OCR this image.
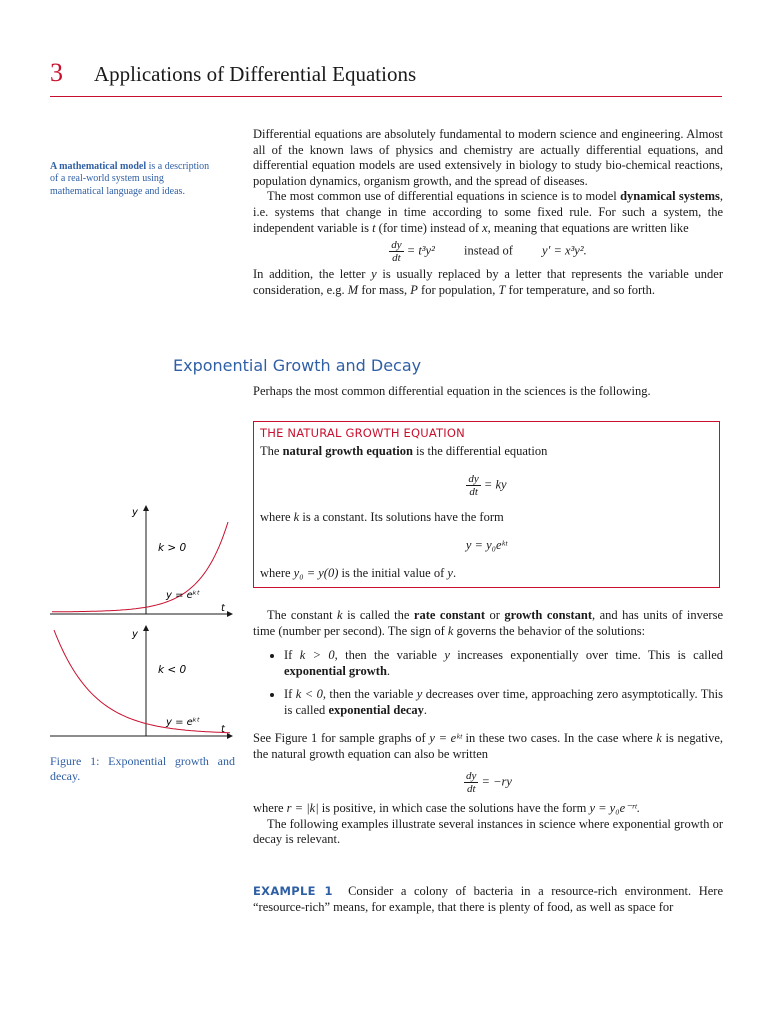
3 Applications of Differential Equations
A mathematical model is a description of a real-world system using mathematical language and ideas.

Differential equations are absolutely fundamental to modern science and engineering. Almost all of the known laws of physics and chemistry are actually differential equations, and differential equation models are used extensively in biology to study bio-chemical reactions, population dynamics, organism growth, and the spread of diseases.

The most common use of differential equations in science is to model dynamical systems, i.e. systems that change in time according to some fixed rule. For such a system, the independent variable is t (for time) instead of x, meaning that equations are written like

$\frac{dy}{dt} = t^3y^2$ instead of y′ = x³y².

In addition, the letter y is usually replaced by a letter that represents the variable under consideration, e.g. M for mass, P for population, T for temperature, and so forth.

Exponential Growth and Decay
Perhaps the most common differential equation in the sciences is the following.
THE NATURAL GROWTH EQUATION
The natural growth equation is the differential equation
$\frac{dy}{dt}$ = ky
where k is a constant. Its solutions have the form
y = y₀eᵏᵗ
where y₀ = y(0) is the initial value of y.
y
k > 0
y = eᵏᵗ
t
y
k < 0
y = eᵏᵗ
t
Figure 1: Exponential growth and decay.

The constant k is called the rate constant or growth constant, and has units of inverse time (number per second). The sign of k governs the behavior of the solutions:

• If k > 0, then the variable y increases exponentially over time. This is called exponential growth.
• If k < 0, then the variable y decreases over time, approaching zero asymptotically. This is called exponential decay.

See Figure 1 for sample graphs of y = eᵏᵗ in these two cases. In the case where k is negative, the natural growth equation can also be written

$\frac{dy}{dt} = -ry$

where r = |k| is positive, in which case the solutions have the form y = y₀e⁻ʳᵗ.

The following examples illustrate several instances in science where exponential growth or decay is relevant.

EXAMPLE 1 Consider a colony of bacteria in a resource-rich environment. Here “resource-rich” means, for example, that there is plenty of food, as well as space for
